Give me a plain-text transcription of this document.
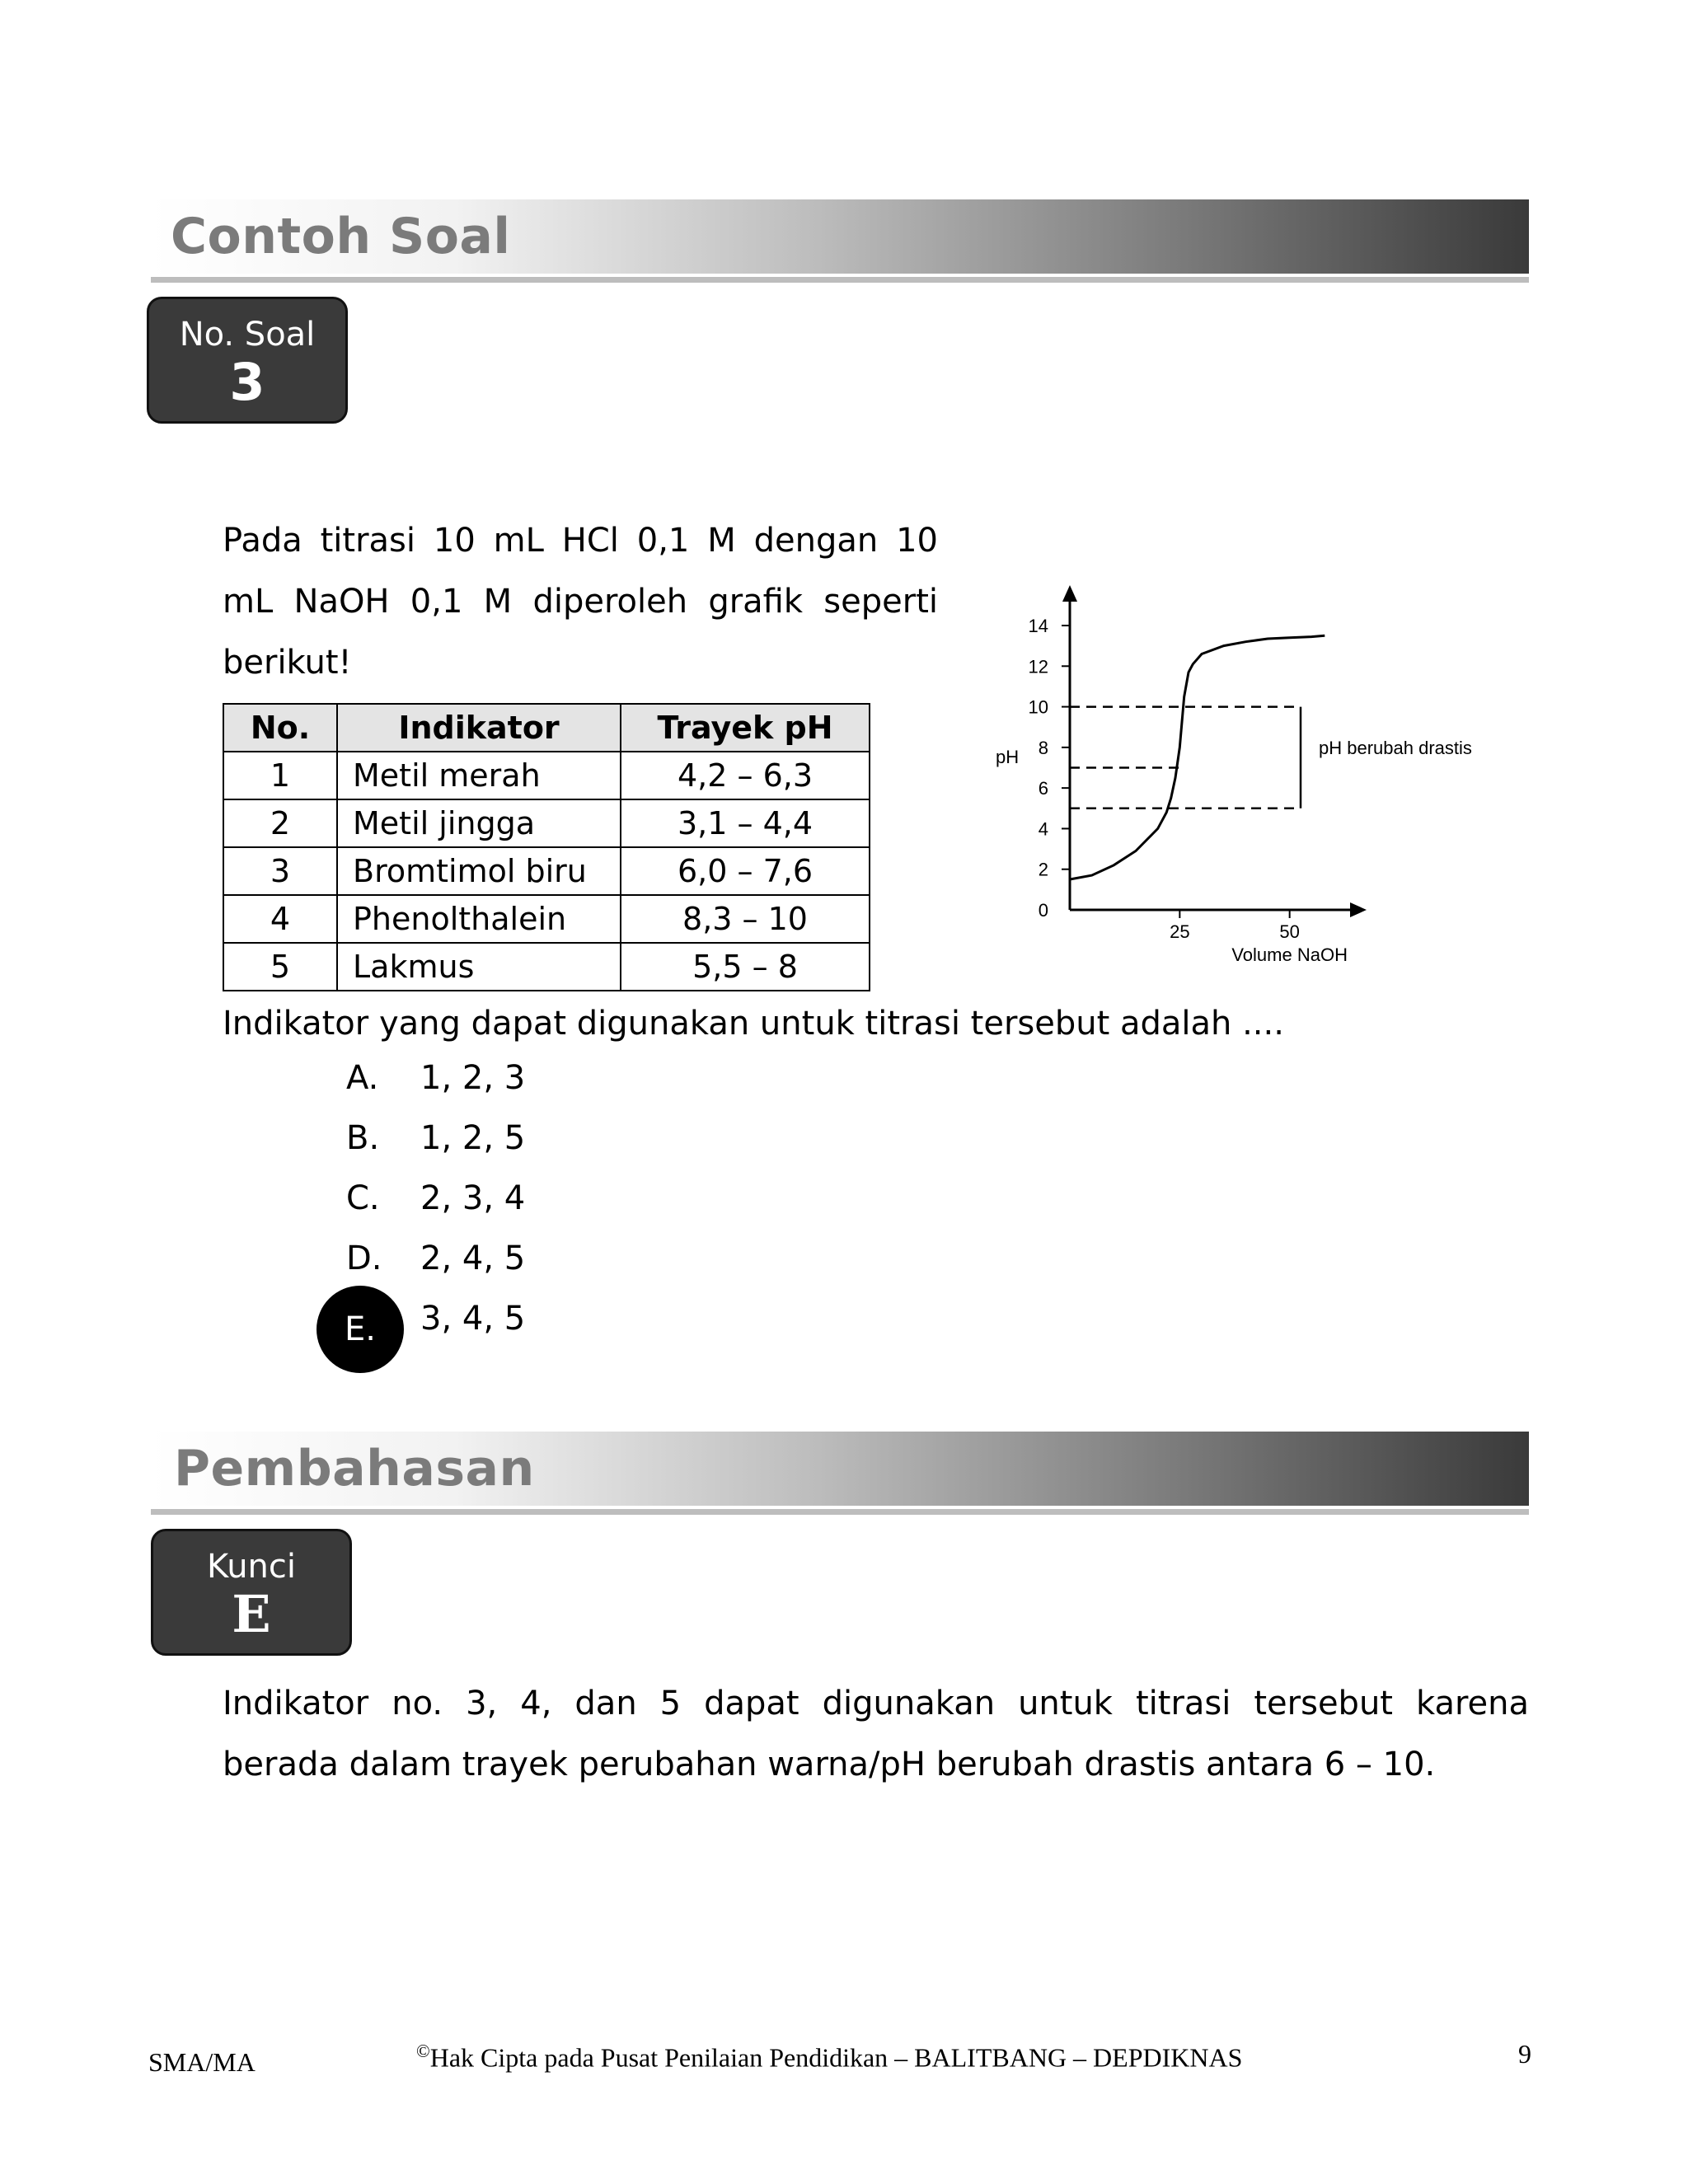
Contoh Soal
No. Soal
3
Pada titrasi 10 mL HCl 0,1 M dengan 10
mL NaOH 0,1 M diperoleh grafik seperti
berikut!
No.	Indikator	Trayek pH
1	Metil merah	4,2 – 6,3
2	Metil jingga	3,1 – 4,4
3	Bromtimol biru	6,0 – 7,6
4	Phenolthalein	8,3 – 10
5	Lakmus	5,5 – 8
0
2
4
6
8
10
12
14
25	50
pH
Volume NaOH
pH berubah drastis
Indikator yang dapat digunakan untuk titrasi tersebut adalah ....
A. 1, 2, 3
B. 1, 2, 5
C. 2, 3, 4
D. 2, 4, 5
E. 3, 4, 5
Pembahasan
Kunci
E
Indikator no. 3, 4, dan 5 dapat digunakan untuk titrasi tersebut karena
berada dalam trayek perubahan warna/pH berubah drastis antara 6 – 10.
SMA/MA	©Hak Cipta pada Pusat Penilaian Pendidikan – BALITBANG – DEPDIKNAS	9
